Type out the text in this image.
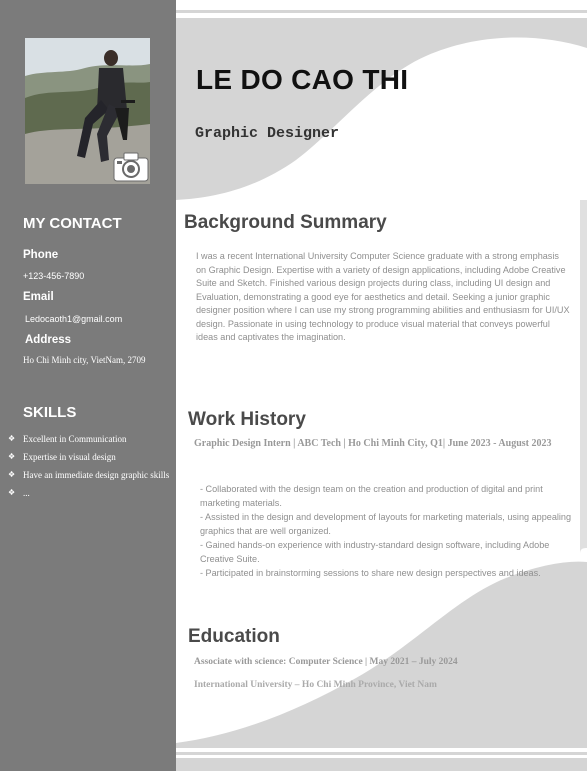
MY CONTACT
Phone
+123-456-7890
Email
Ledocaoth1@gmail.com
Address
Ho Chi Minh city, VietNam, 2709
SKILLS
❖ Excellent in Communication
❖ Expertise in visual design
❖ Have an immediate design graphic skills
❖ ...
LE DO CAO THI
Graphic Designer
Background Summary
I was a recent International University Computer Science graduate with a strong emphasis on Graphic Design. Expertise with a variety of design applications, including Adobe Creative Suite and Sketch. Finished various design projects during class, including UI design and Evaluation, demonstrating a good eye for aesthetics and detail. Seeking a junior graphic designer position where I can use my strong programming abilities and enthusiasm for UI/UX design. Passionate in using technology to produce visual material that conveys powerful ideas and captivates the imagination.
Work History
Graphic Design Intern | ABC Tech | Ho Chi Minh City, Q1| June 2023 - August 2023
- Collaborated with the design team on the creation and production of digital and print marketing materials.
- Assisted in the design and development of layouts for marketing materials, using appealing graphics that are well organized.
- Gained hands-on experience with industry-standard design software, including Adobe Creative Suite.
- Participated in brainstorming sessions to share new design perspectives and ideas.
Education
Associate with science: Computer Science | May 2021 – July 2024
International University – Ho Chi Minh Province, Viet Nam
